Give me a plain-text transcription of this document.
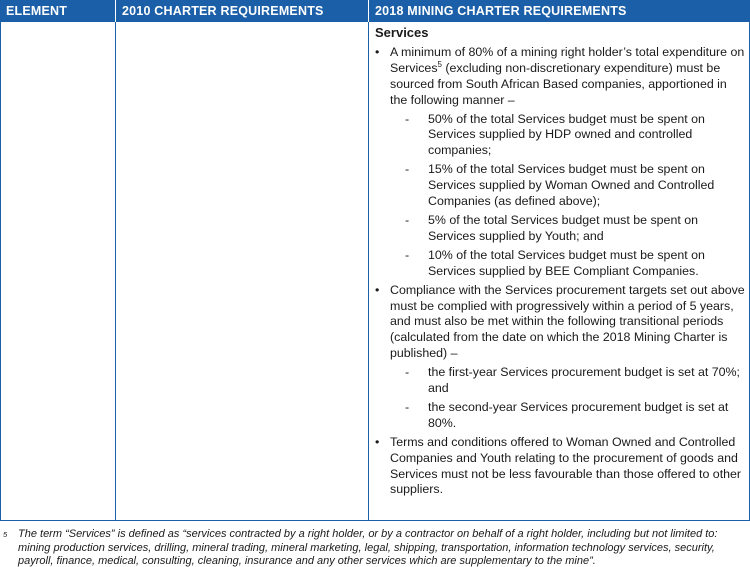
ELEMENT	2010 CHARTER REQUIREMENTS	2018 MINING CHARTER REQUIREMENTS
Services
• A minimum of 80% of a mining right holder’s total expenditure on Services$^5$ (excluding non-discretionary expenditure) must be sourced from South African Based companies, apportioned in the following manner –
- 50% of the total Services budget must be spent on Services supplied by HDP owned and controlled companies;
- 15% of the total Services budget must be spent on Services supplied by Woman Owned and Controlled Companies (as defined above);
- 5% of the total Services budget must be spent on Services supplied by Youth; and
- 10% of the total Services budget must be spent on Services supplied by BEE Compliant Companies.
• Compliance with the Services procurement targets set out above must be complied with progressively within a period of 5 years, and must also be met within the following transitional periods (calculated from the date on which the 2018 Mining Charter is published) –
- the first-year Services procurement budget is set at 70%; and
- the second-year Services procurement budget is set at 80%.
• Terms and conditions offered to Woman Owned and Controlled Companies and Youth relating to the procurement of goods and Services must not be less favourable than those offered to other suppliers.
5 The term “Services” is defined as “services contracted by a right holder, or by a contractor on behalf of a right holder, including but not limited to: mining production services, drilling, mineral trading, mineral marketing, legal, shipping, transportation, information technology services, security, payroll, finance, medical, consulting, cleaning, insurance and any other services which are supplementary to the mine”.
